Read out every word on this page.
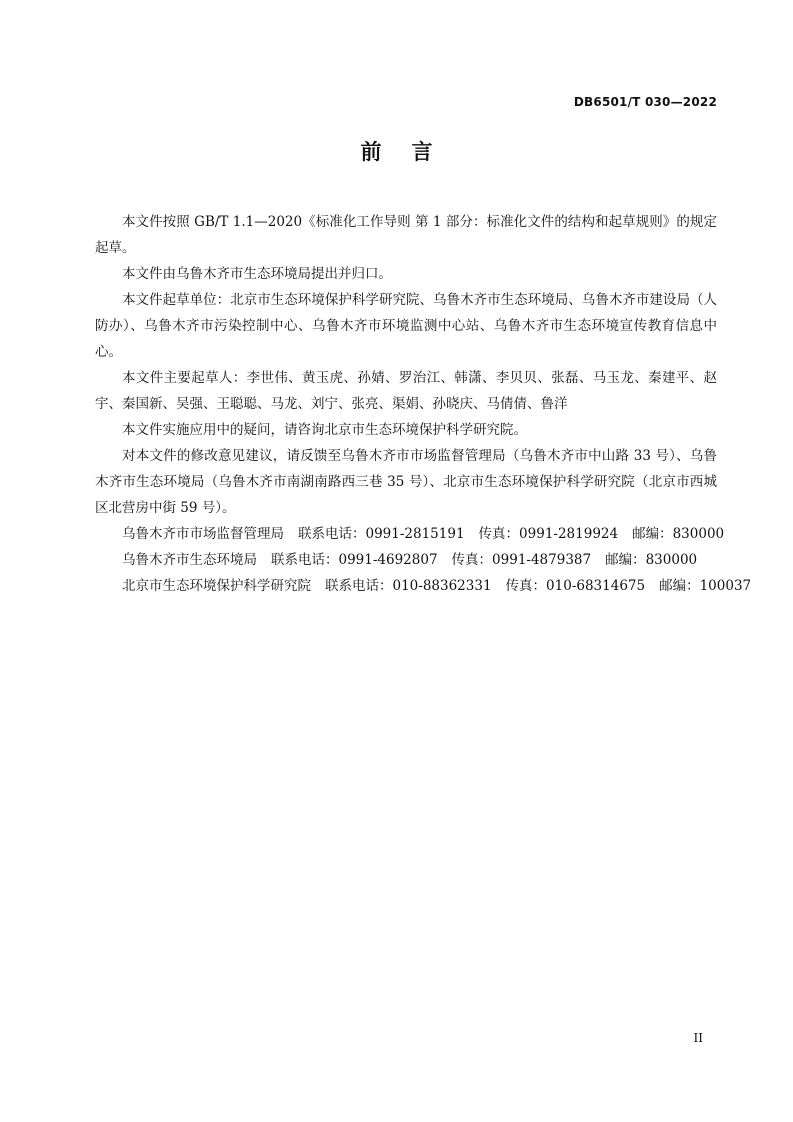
DB6501/T 030—2022
前言

本文件按照 GB/T 1.1—2020《标准化工作导则 第 1 部分：标准化文件的结构和起草规则》的规定起草。

本文件由乌鲁木齐市生态环境局提出并归口。

本文件起草单位：北京市生态环境保护科学研究院、乌鲁木齐市生态环境局、乌鲁木齐市建设局（人防办）、乌鲁木齐市污染控制中心、乌鲁木齐市环境监测中心站、乌鲁木齐市生态环境宣传教育信息中心。

本文件主要起草人：李世伟、黄玉虎、孙婧、罗治江、韩潇、李贝贝、张磊、马玉龙、秦建平、赵宇、秦国新、吴强、王聪聪、马龙、刘宁、张亮、渠娟、孙晓庆、马倩倩、鲁洋

本文件实施应用中的疑问，请咨询北京市生态环境保护科学研究院。

对本文件的修改意见建议，请反馈至乌鲁木齐市市场监督管理局（乌鲁木齐市中山路 33 号）、乌鲁木齐市生态环境局（乌鲁木齐市南湖南路西三巷 35 号）、北京市生态环境保护科学研究院（北京市西城区北营房中街 59 号）。

乌鲁木齐市市场监督管理局 联系电话：0991-2815191 传真：0991-2819924 邮编：830000
乌鲁木齐市生态环境局 联系电话：0991-4692807 传真：0991-4879387 邮编：830000
北京市生态环境保护科学研究院 联系电话：010-88362331 传真：010-68314675 邮编：100037
II
